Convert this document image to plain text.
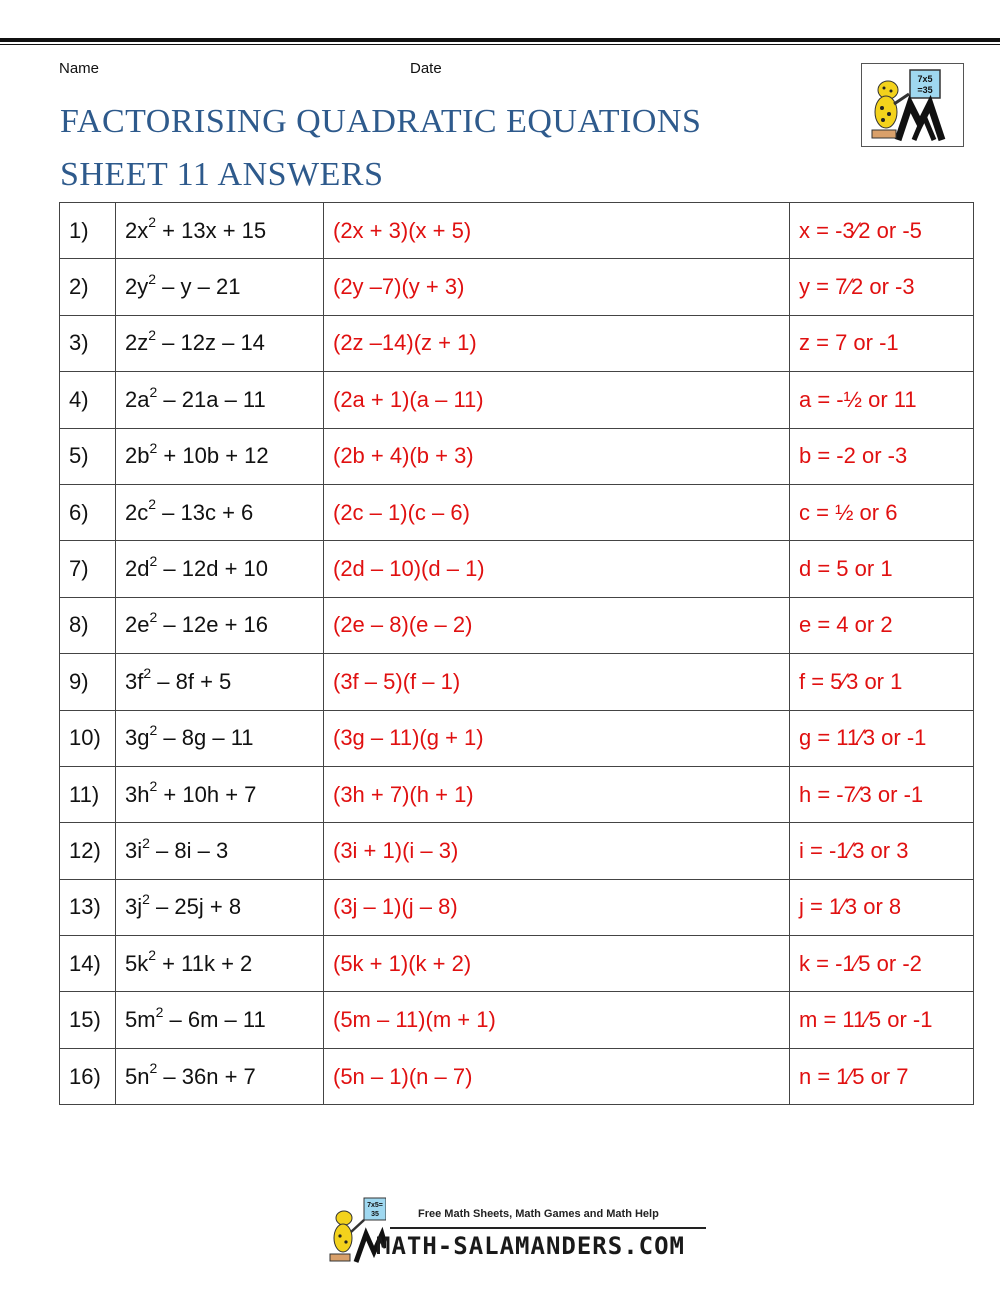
Name	Date
FACTORISING QUADRATIC EQUATIONS
SHEET 11 ANSWERS
7x5
=35
1)	$2x^2 + 13x + 15$	(2x + 3)(x + 5)	x = -3⁄2 or -5
2)	$2y^2$ – y – 21	(2y –7)(y + 3)	y = 7⁄2 or -3
3)	$2z^2 - 12z - 14$	(2z –14)(z + 1)	z = 7 or -1
4)	$2a^2 - 21a - 11$	(2a + 1)(a – 11)	a = -½ or 11
5)	$2b^2 + 10b + 12$	(2b + 4)(b + 3)	b = -2 or -3
6)	$2c^2 - 13c + 6$	(2c – 1)(c – 6)	c = ½ or 6
7)	$2d^2 - 12d + 10$	(2d – 10)(d – 1)	d = 5 or 1
8)	$2e^2 - 12e + 16$	(2e – 8)(e – 2)	e = 4 or 2
9)	$3f^2 - 8f + 5$	(3f – 5)(f – 1)	f = 5⁄3 or 1
10)	$3g^2 - 8g - 11$	(3g – 11)(g + 1)	g = 11⁄3 or -1
11)	$3h^2 + 10h + 7$	(3h + 7)(h + 1)	h = -7⁄3 or -1
12)	$3i^2 - 8i - 3$	(3i + 1)(i – 3)	i = -1⁄3 or 3
13)	$3j^2 - 25j + 8$	(3j – 1)(j – 8)	j = 1⁄3 or 8
14)	$5k^2 + 11k + 2$	(5k + 1)(k + 2)	k = -1⁄5 or -2
15)	$5m^2 - 6m - 11$	(5m – 11)(m + 1)	m = 11⁄5 or -1
16)	$5n^2 - 36n + 7$	(5n – 1)(n – 7)	n = 1⁄5 or 7
7x5=
35	Free Math Sheets, Math Games and Math Help
MATH-SALAMANDERS.COM
